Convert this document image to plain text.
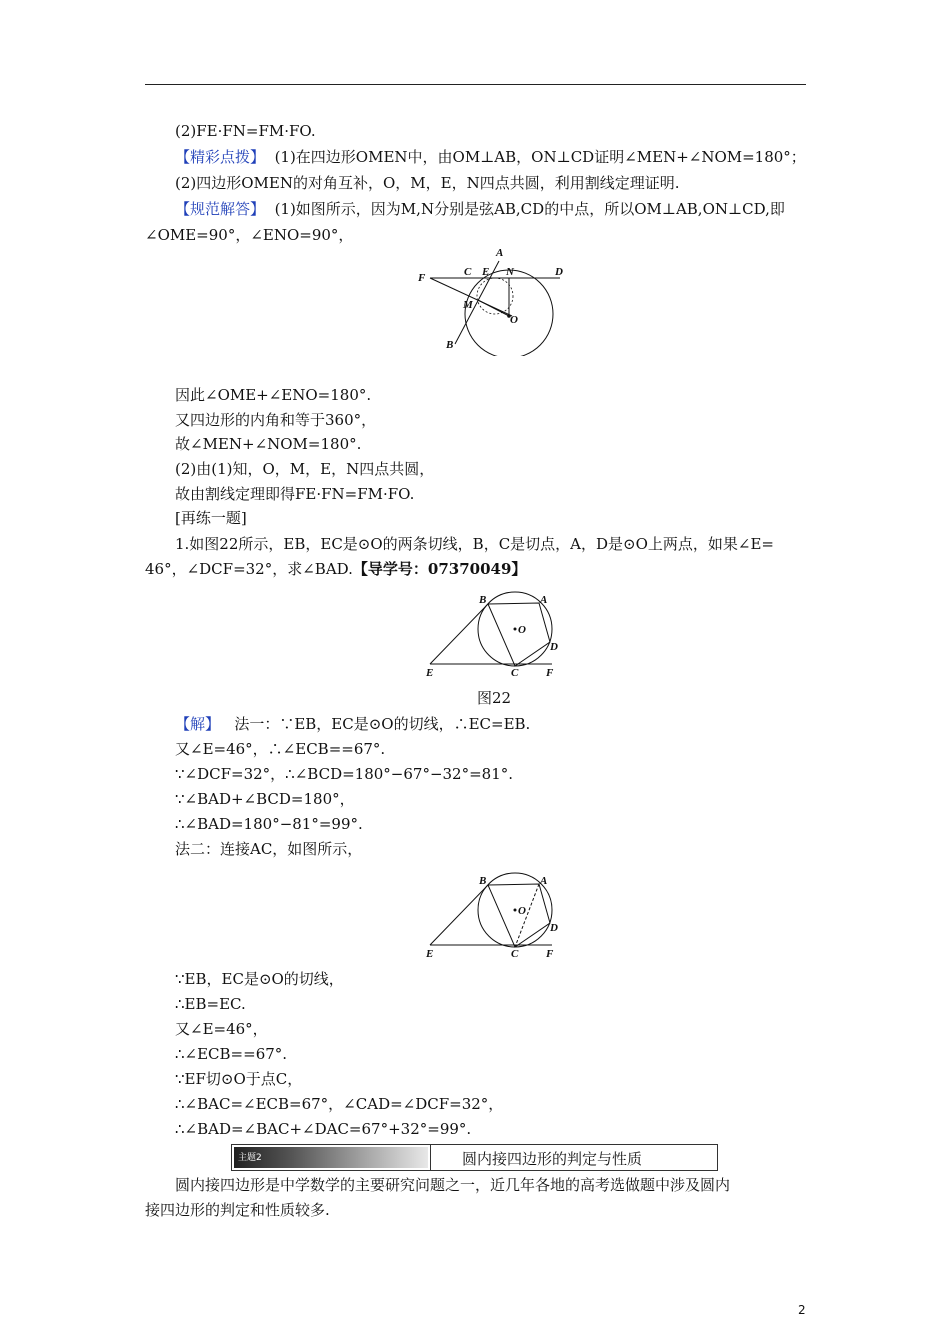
(2)FE·FN=FM·FO.
【精彩点拨】 (1)在四边形OMEN中，由OM⊥AB，ON⊥CD证明∠MEN+∠NOM=180°；
(2)四边形OMEN的对角互补，O，M，E，N四点共圆，利用割线定理证明.
【规范解答】 (1)如图所示，因为M,N分别是弦AB,CD的中点，所以OM⊥AB,ON⊥CD,即
∠OME=90°，∠ENO=90°，
A
C E N	D
F
M
O
B
因此∠OME+∠ENO=180°.
又四边形的内角和等于360°，
故∠MEN+∠NOM=180°.
(2)由(1)知，O，M，E，N四点共圆，
故由割线定理即得FE·FN=FM·FO.
[再练一题]
1.如图22所示，EB，EC是⊙O的两条切线，B，C是切点，A，D是⊙O上两点，如果∠E=
46°，∠DCF=32°，求∠BAD.【导学号：07370049】
B	A
O
D
E	C	F
图22
【解】 法一：∵EB，EC是⊙O的切线，∴EC=EB.
又∠E=46°，∴∠ECB==67°.
∵∠DCF=32°，∴∠BCD=180°−67°−32°=81°.
∵∠BAD+∠BCD=180°，
∴∠BAD=180°−81°=99°.
法二：连接AC，如图所示，
B	A
O
D
E	C	F
∵EB，EC是⊙O的切线，
∴EB=EC.
又∠E=46°，
∴∠ECB==67°.
∵EF切⊙O于点C，
∴∠BAC=∠ECB=67°，∠CAD=∠DCF=32°，
∴∠BAD=∠BAC+∠DAC=67°+32°=99°.
主题2	圆内接四边形的判定与性质
圆内接四边形是中学数学的主要研究问题之一，近几年各地的高考选做题中涉及圆内
接四边形的判定和性质较多.
2
